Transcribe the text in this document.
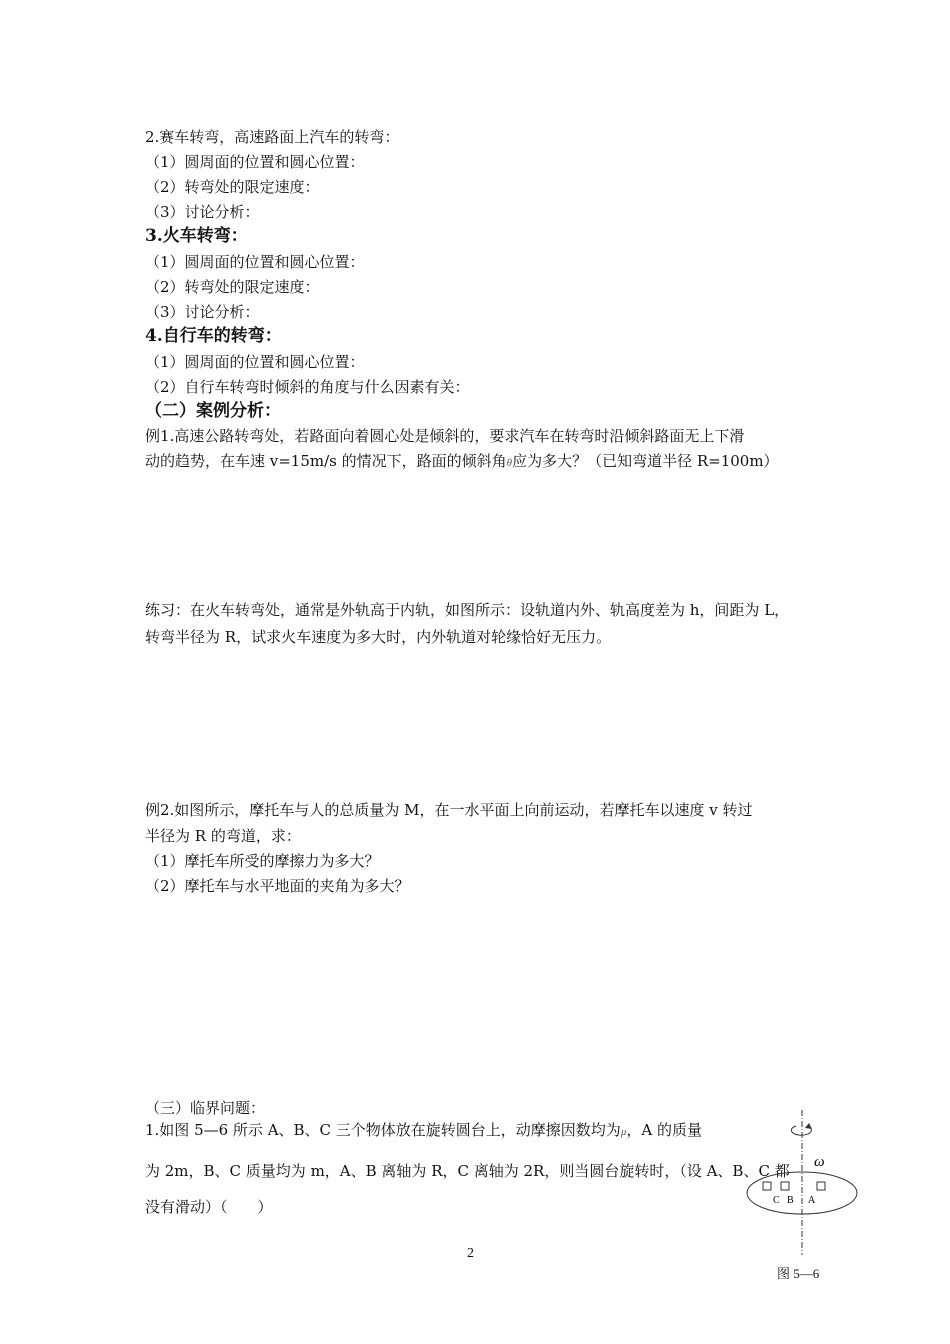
2.赛车转弯，高速路面上汽车的转弯：
（1）圆周面的位置和圆心位置：
（2）转弯处的限定速度：
（3）讨论分析：
3.火车转弯：
（1）圆周面的位置和圆心位置：
（2）转弯处的限定速度：
（3）讨论分析：
4.自行车的转弯：
（1）圆周面的位置和圆心位置：
（2）自行车转弯时倾斜的角度与什么因素有关：
（二）案例分析：
例1.高速公路转弯处，若路面向着圆心处是倾斜的，要求汽车在转弯时沿倾斜路面无上下滑
动的趋势，在车速 v=15m/s 的情况下，路面的倾斜角θ应为多大？（已知弯道半径 R=100m）
练习：在火车转弯处，通常是外轨高于内轨，如图所示：设轨道内外、轨高度差为 h，间距为 L，
转弯半径为 R，试求火车速度为多大时，内外轨道对轮缘恰好无压力。
例2.如图所示，摩托车与人的总质量为 M，在一水平面上向前运动，若摩托车以速度 v 转过
半径为 R 的弯道，求：
（1）摩托车所受的摩擦力为多大？
（2）摩托车与水平地面的夹角为多大？
（三）临界问题：
1.如图 5—6 所示 A、B、C 三个物体放在旋转圆台上，动摩擦因数均为μ，A 的质量
为 2m，B、C 质量均为 m，A、B 离轴为 R，C 离轴为 2R，则当圆台旋转时，（设 A、B、C 都
没有滑动）（　　）
ω
C B A
2
图 5—6
